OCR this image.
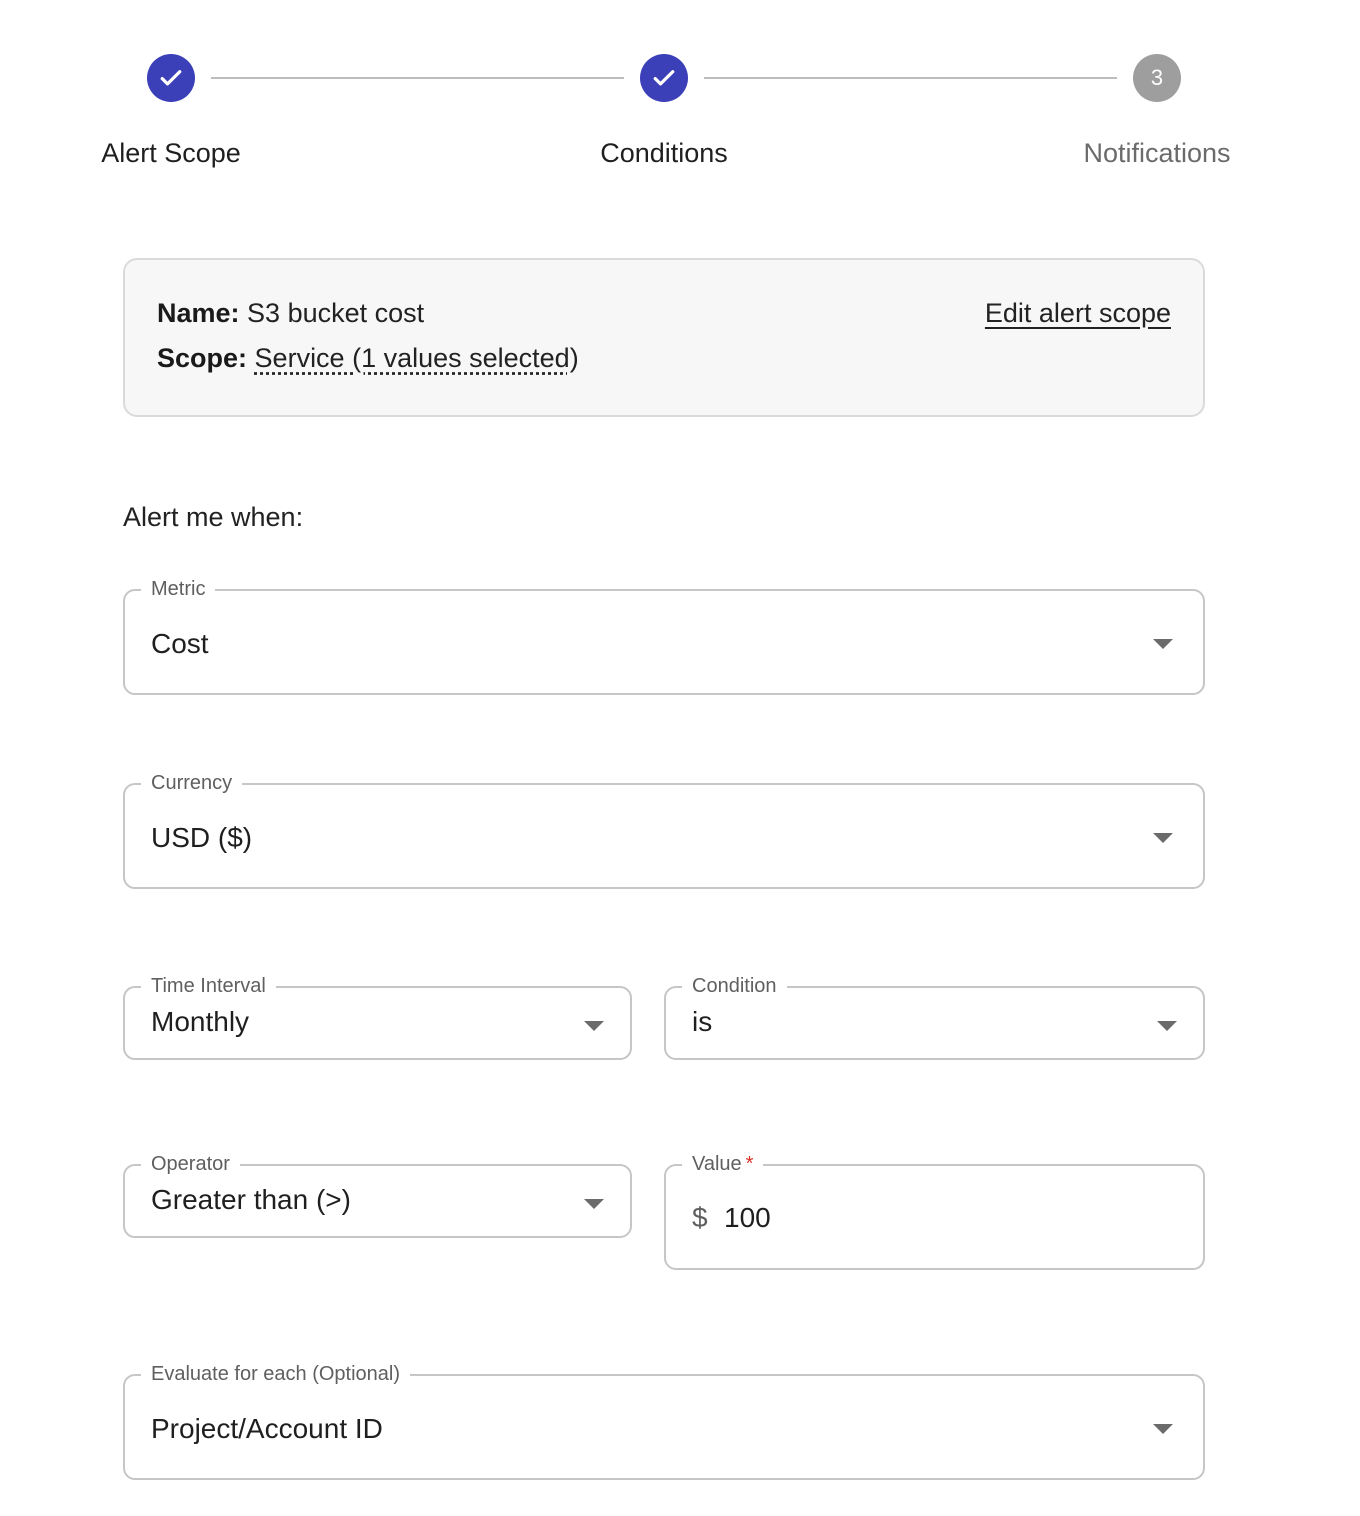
3
Alert Scope	Conditions	Notifications
Name: S3 bucket cost
Scope: Service (1 values selected)
Edit alert scope
Alert me when:
Metric
Cost
Currency
USD ($)
Time Interval
Monthly
Condition
is
Operator
Greater than (>)
Value *
$ 100
Evaluate for each (Optional)
Project/Account ID
